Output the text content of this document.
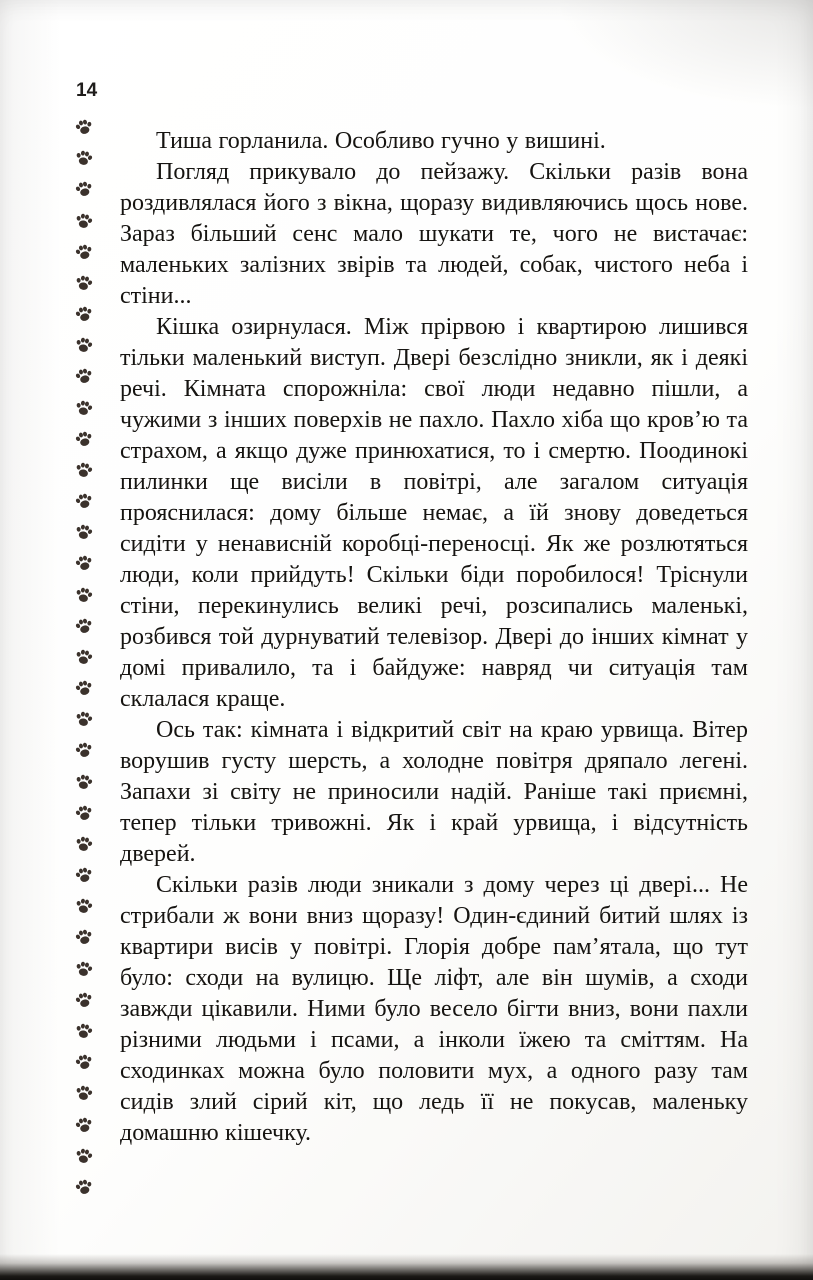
14

Тиша горланила. Особливо гучно у вишині.

Погляд прикувало до пейзажу. Скільки разів вона роздивлялася його з вікна, щоразу видивляючись щось нове. Зараз більший сенс мало шукати те, чого не вистачає: маленьких залізних звірів та людей, собак, чистого неба і стіни...

Кішка озирнулася. Між прірвою і квартирою лишився тільки маленький виступ. Двері безслідно зникли, як і деякі речі. Кімната спорожніла: свої люди недавно пішли, а чужими з інших поверхів не пахло. Пахло хіба що кров’ю та страхом, а якщо дуже принюхатися, то і смертю. Поодинокі пилинки ще висіли в повітрі, але загалом ситуація прояснилася: дому більше немає, а їй знову доведеться сидіти у ненависній коробці-переносці. Як же розлютяться люди, коли прийдуть! Скільки біди поробилося! Тріснули стіни, перекинулись великі речі, розсипались маленькі, розбився той дурнуватий телевізор. Двері до інших кімнат у домі привалило, та і байдуже: навряд чи ситуація там склалася краще.

Ось так: кімната і відкритий світ на краю урвища. Вітер ворушив густу шерсть, а холодне повітря дряпало легені. Запахи зі світу не приносили надій. Раніше такі приємні, тепер тільки тривожні. Як і край урвища, і відсутність дверей.

Скільки разів люди зникали з дому через ці двері... Не стрибали ж вони вниз щоразу! Один-єдиний битий шлях із квартири висів у повітрі. Глорія добре пам’ятала, що тут було: сходи на вулицю. Ще ліфт, але він шумів, а сходи завжди цікавили. Ними було весело бігти вниз, вони пахли різними людьми і псами, а інколи їжею та сміттям. На сходинках можна було половити мух, а одного разу там сидів злий сірий кіт, що ледь її не покусав, маленьку домашню кішечку.
